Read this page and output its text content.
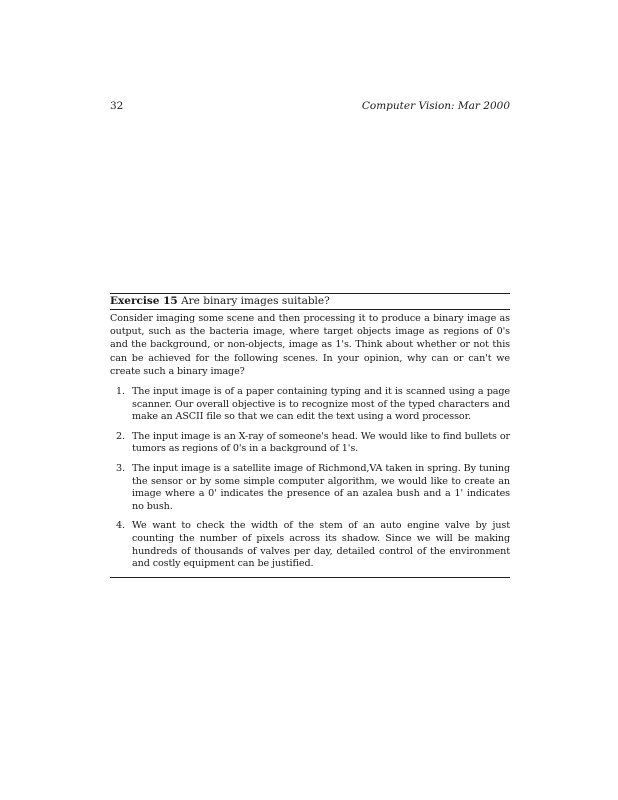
32	Computer Vision: Mar 2000
Exercise 15 Are binary images suitable?

Consider imaging some scene and then processing it to produce a binary image as output, such as the bacteria image, where target objects image as regions of 0's and the background, or non-objects, image as 1's. Think about whether or not this can be achieved for the following scenes. In your opinion, why can or can't we create such a binary image?

1. The input image is of a paper containing typing and it is scanned using a page scanner. Our overall objective is to recognize most of the typed characters and make an ASCII file so that we can edit the text using a word processor.
2. The input image is an X-ray of someone's head. We would like to find bullets or tumors as regions of 0's in a background of 1's.
3. The input image is a satellite image of Richmond,VA taken in spring. By tuning the sensor or by some simple computer algorithm, we would like to create an image where a 0' indicates the presence of an azalea bush and a 1' indicates no bush.
4. We want to check the width of the stem of an auto engine valve by just counting the number of pixels across its shadow. Since we will be making hundreds of thousands of valves per day, detailed control of the environment and costly equipment can be justified.
